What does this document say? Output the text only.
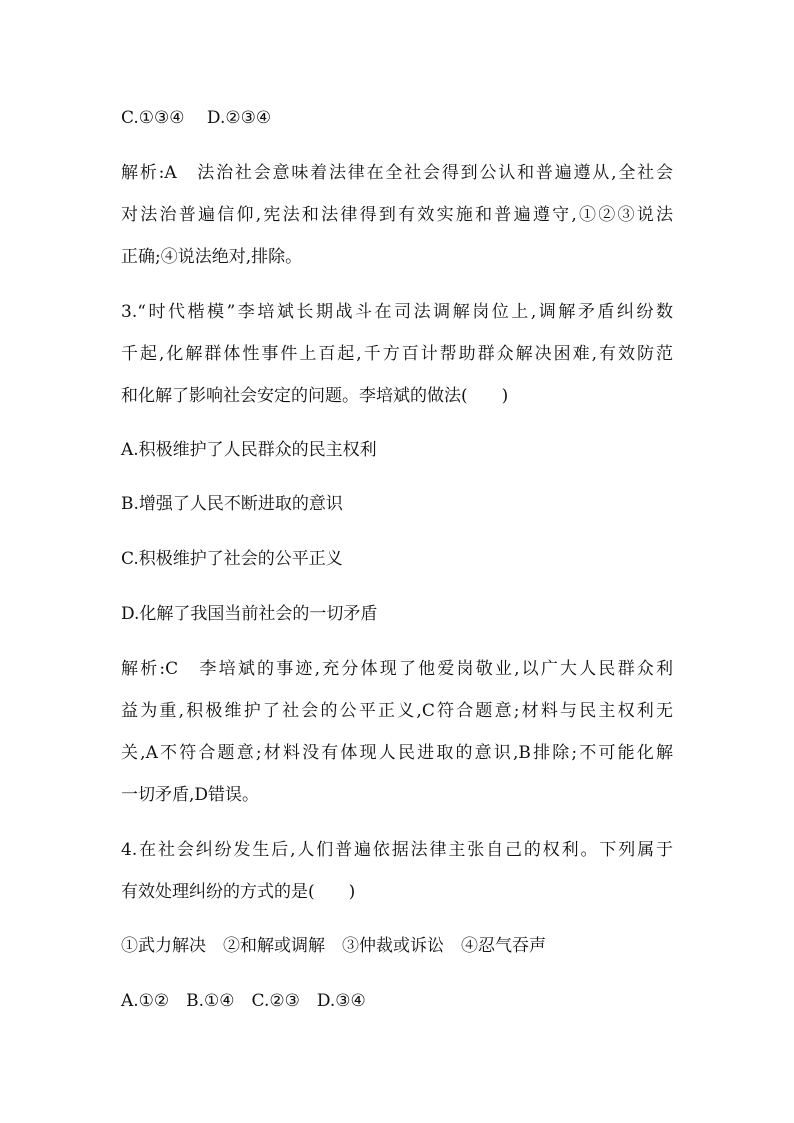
C.①③④　 D.②③④
解析:A　法治社会意味着法律在全社会得到公认和普遍遵从,全社会
对法治普遍信仰,宪法和法律得到有效实施和普遍遵守,①②③说法
正确;④说法绝对,排除。
3.“时代楷模”李培斌长期战斗在司法调解岗位上,调解矛盾纠纷数
千起,化解群体性事件上百起,千方百计帮助群众解决困难,有效防范
和化解了影响社会安定的问题。李培斌的做法(　　)
A.积极维护了人民群众的民主权利
B.增强了人民不断进取的意识
C.积极维护了社会的公平正义
D.化解了我国当前社会的一切矛盾
解析:C　李培斌的事迹,充分体现了他爱岗敬业,以广大人民群众利
益为重,积极维护了社会的公平正义,C符合题意;材料与民主权利无
关,A不符合题意;材料没有体现人民进取的意识,B排除;不可能化解
一切矛盾,D错误。
4.在社会纠纷发生后,人们普遍依据法律主张自己的权利。下列属于
有效处理纠纷的方式的是(　　)
①武力解决　②和解或调解　③仲裁或诉讼　④忍气吞声
A.①②　B.①④　C.②③　D.③④
